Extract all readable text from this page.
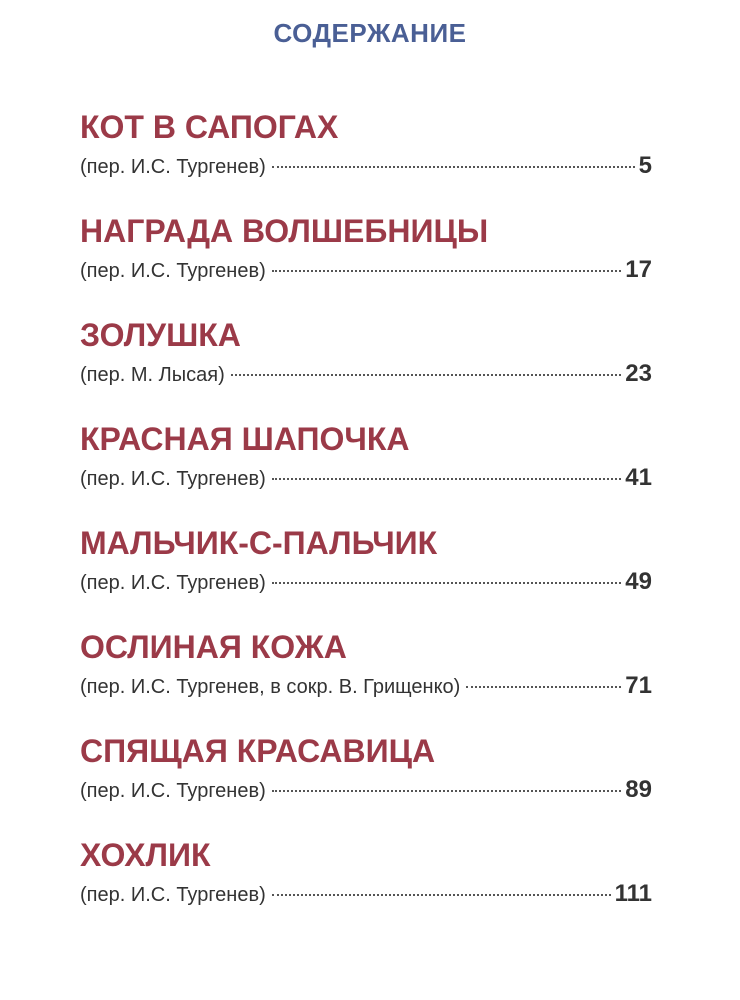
СОДЕРЖАНИЕ
КОТ В САПОГАХ
(пер. И.С. Тургенев)	5
НАГРАДА ВОЛШЕБНИЦЫ
(пер. И.С. Тургенев)	17
ЗОЛУШКА
(пер. М. Лысая)	23
КРАСНАЯ ШАПОЧКА
(пер. И.С. Тургенев)	41
МАЛЬЧИК-С-ПАЛЬЧИК
(пер. И.С. Тургенев)	49
ОСЛИНАЯ КОЖА
(пер. И.С. Тургенев, в сокр. В. Грищенко)	71
СПЯЩАЯ КРАСАВИЦА
(пер. И.С. Тургенев)	89
ХОХЛИК
(пер. И.С. Тургенев)	111
